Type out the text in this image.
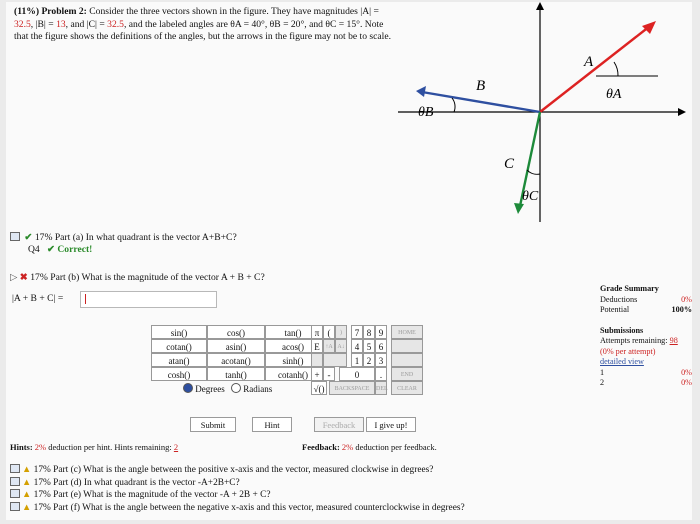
(11%) Problem 2: Consider the three vectors shown in the figure. They have magnitudes |A| = 32.5, |B| = 13, and |C| = 32.5, and the labeled angles are θA = 40°, θB = 20°, and θC = 15°. Note that the figure shows the definitions of the angles, but the arrows in the figure may not be to scale.
A
θA
B
θB
C
θC
✔ 17% Part (a) In what quadrant is the vector A+B+C?
Q4 ✔ Correct!
▷ ✖ 17% Part (b) What is the magnitude of the vector A + B + C?
|A + B + C| =
sin()	cos()	tan()
cotan()	asin()	acos()
atan()	acotan()	sinh()
cosh()	tanh()	cotanh()
Degrees Radians
π (	)
E ↑A A↓
+ -
√()
7 8 9
4 5 6
1 2 3
0	.
BACKSPACE	DEL
HOME
END
CLEAR
Submit	Hint	Feedback	I give up!
Hints: 2% deduction per hint. Hints remaining: 2	Feedback: 2% deduction per feedback.
Grade Summary
Deductions	0%
Potential	100%
Submissions
Attempts remaining: 98
(0% per attempt)
detailed view
1	0%
2	0%
▲ 17% Part (c) What is the angle between the positive x-axis and the vector, measured clockwise in degrees?
▲ 17% Part (d) In what quadrant is the vector -A+2B+C?
▲ 17% Part (e) What is the magnitude of the vector -A + 2B + C?
▲ 17% Part (f) What is the angle between the negative x-axis and this vector, measured counterclockwise in degrees?
